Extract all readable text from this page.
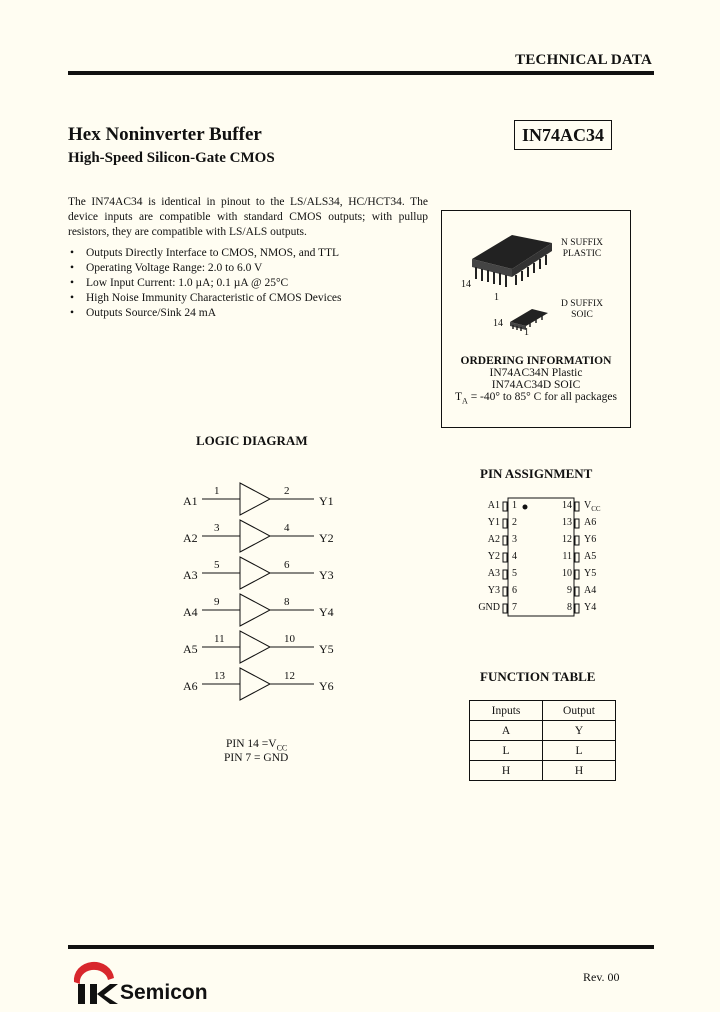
TECHNICAL DATA
Hex Noninverter Buffer
High-Speed Silicon-Gate CMOS
IN74AC34
The IN74AC34 is identical in pinout to the LS/ALS34, HC/HCT34. The device inputs are compatible with standard CMOS outputs; with pullup resistors, they are compatible with LS/ALS outputs.
• Outputs Directly Interface to CMOS, NMOS, and TTL
• Operating Voltage Range: 2.0 to 6.0 V
• Low Input Current: 1.0 µA; 0.1 µA @ 25°C
• High Noise Immunity Characteristic of CMOS Devices
• Outputs Source/Sink 24 mA
14
1
14
1
N SUFFIX
PLASTIC
D SUFFIX
SOIC
ORDERING INFORMATION
IN74AC34N Plastic
IN74AC34D SOIC
$T_A = -40^\circ$ to 85° C for all packages
LOGIC DIAGRAM
A1
1	2
Y1
A2
3	4
Y2
A3
5	6
Y3
A4
9	8
Y4
A5
11	10
Y5
A6
13	12
Y6
PIN $14 =V_{CC}$
PIN 7 = GND
PIN ASSIGNMENT
A1 1
Y1 2
A2 3
Y2 4
A3 5
Y3 6
GND 7
14 $V_{CC}$
13 A6
12 Y6
11 A5
10 Y5
9 A4
8 Y4
FUNCTION TABLE
Inputs	Output
A	Y
L	L
H	H
Rev. 00
Semicon
